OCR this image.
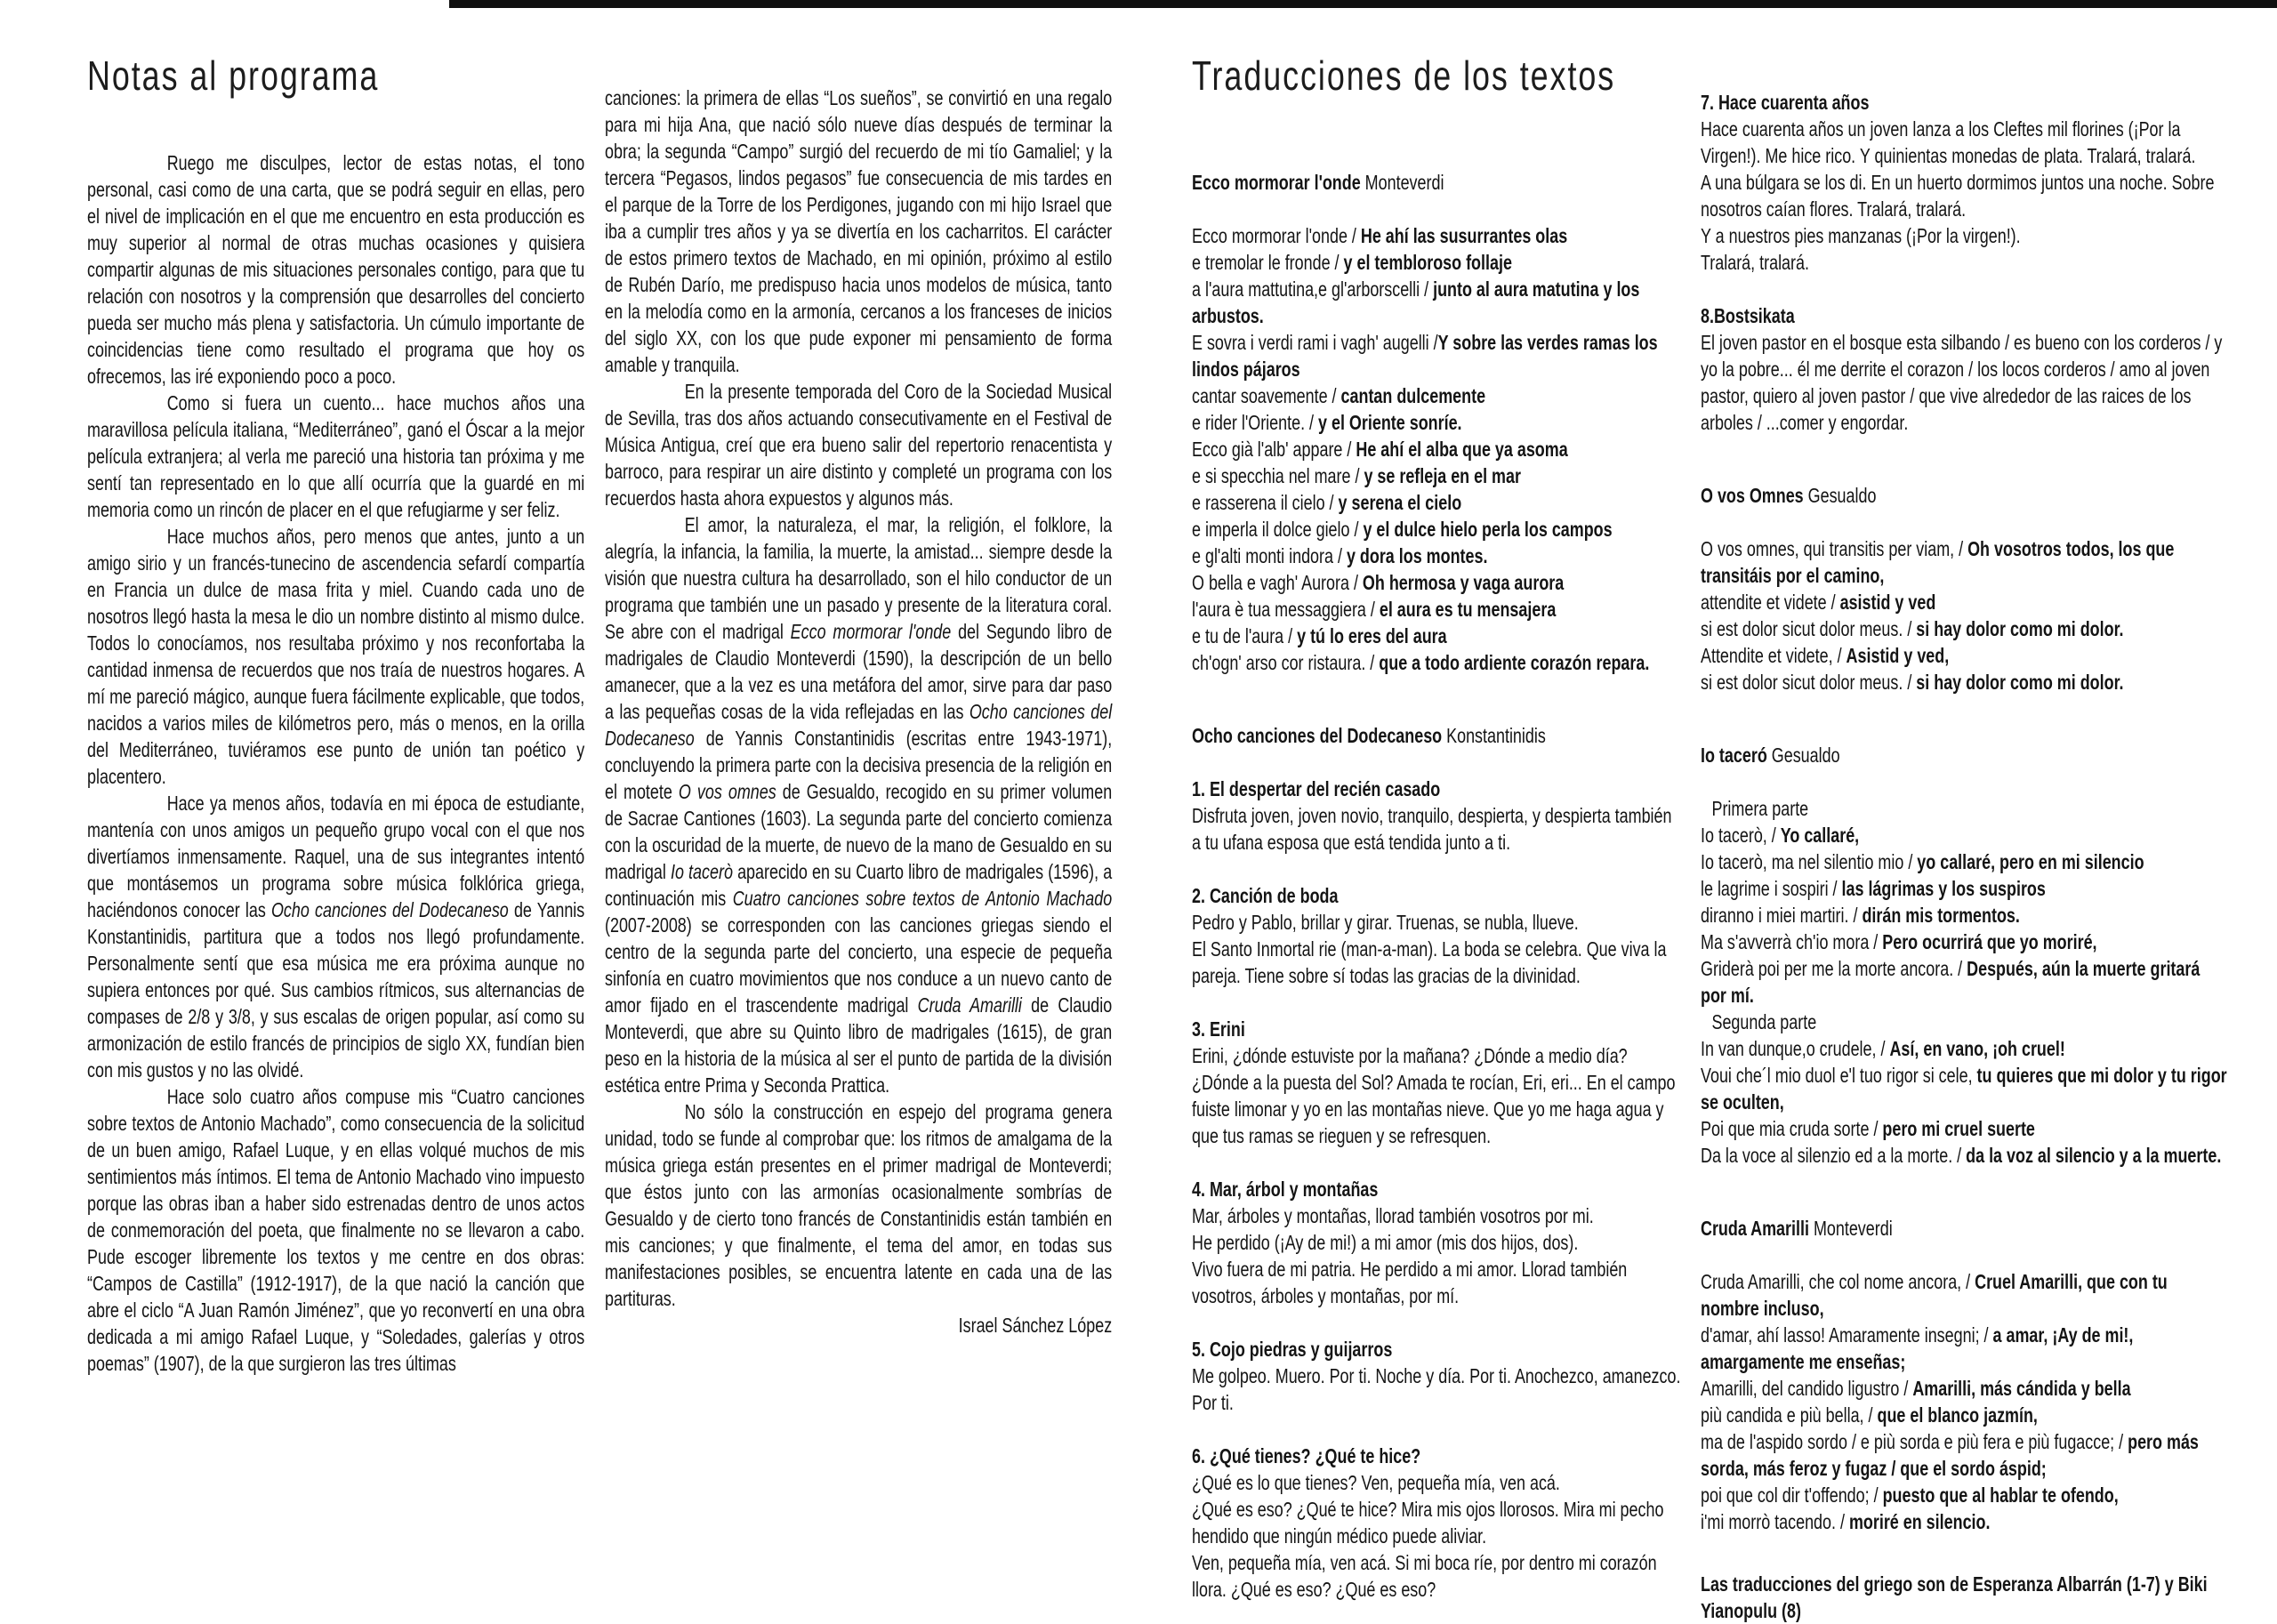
Notas al programa
Ruego me disculpes, lector de estas notas, el tono personal, casi como de una carta, que se podrá seguir en ellas, pero el nivel de implicación en el que me encuentro en esta producción es muy superior al normal de otras muchas ocasiones y quisiera compartir algunas de mis situaciones personales contigo, para que tu relación con nosotros y la comprensión que desarrolles del concierto pueda ser mucho más plena y satisfactoria. Un cúmulo importante de coincidencias tiene como resultado el programa que hoy os ofrecemos, las iré exponiendo poco a poco.
Como si fuera un cuento... hace muchos años una maravillosa película italiana, “Mediterráneo”, ganó el Óscar a la mejor película extranjera; al verla me pareció una historia tan próxima y me sentí tan representado en lo que allí ocurría que la guardé en mi memoria como un rincón de placer en el que refugiarme y ser feliz.
Hace muchos años, pero menos que antes, junto a un amigo sirio y un francés-tunecino de ascendencia sefardí compartía en Francia un dulce de masa frita y miel. Cuando cada uno de nosotros llegó hasta la mesa le dio un nombre distinto al mismo dulce. Todos lo conocíamos, nos resultaba próximo y nos reconfortaba la cantidad inmensa de recuerdos que nos traía de nuestros hogares. A mí me pareció mágico, aunque fuera fácilmente explicable, que todos, nacidos a varios miles de kilómetros pero, más o menos, en la orilla del Mediterráneo, tuviéramos ese punto de unión tan poético y placentero.
Hace ya menos años, todavía en mi época de estudiante, mantenía con unos amigos un pequeño grupo vocal con el que nos divertíamos inmensamente. Raquel, una de sus integrantes intentó que montásemos un programa sobre música folklórica griega, haciéndonos conocer las Ocho canciones del Dodecaneso de Yannis Konstantinidis, partitura que a todos nos llegó profundamente. Personalmente sentí que esa música me era próxima aunque no supiera entonces por qué. Sus cambios rítmicos, sus alternancias de compases de 2/8 y 3/8, y sus escalas de origen popular, así como su armonización de estilo francés de principios de siglo XX, fundían bien con mis gustos y no las olvidé.
Hace solo cuatro años compuse mis “Cuatro canciones sobre textos de Antonio Machado”, como consecuencia de la solicitud de un buen amigo, Rafael Luque, y en ellas volqué muchos de mis sentimientos más íntimos. El tema de Antonio Machado vino impuesto porque las obras iban a haber sido estrenadas dentro de unos actos de conmemoración del poeta, que finalmente no se llevaron a cabo. Pude escoger libremente los textos y me centre en dos obras: “Campos de Castilla” (1912-1917), de la que nació la canción que abre el ciclo “A Juan Ramón Jiménez”, que yo reconvertí en una obra dedicada a mi amigo Rafael Luque, y “Soledades, galerías y otros poemas” (1907), de la que surgieron las tres últimas
canciones: la primera de ellas “Los sueños”, se convirtió en una regalo para mi hija Ana, que nació sólo nueve días después de terminar la obra; la segunda “Campo” surgió del recuerdo de mi tío Gamaliel; y la tercera “Pegasos, lindos pegasos” fue consecuencia de mis tardes en el parque de la Torre de los Perdigones, jugando con mi hijo Israel que iba a cumplir tres años y ya se divertía en los cacharritos. El carácter de estos primero textos de Machado, en mi opinión, próximo al estilo de Rubén Darío, me predispuso hacia unos modelos de música, tanto en la melodía como en la armonía, cercanos a los franceses de inicios del siglo XX, con los que pude exponer mi pensamiento de forma amable y tranquila.
En la presente temporada del Coro de la Sociedad Musical de Sevilla, tras dos años actuando consecutivamente en el Festival de Música Antigua, creí que era bueno salir del repertorio renacentista y barroco, para respirar un aire distinto y completé un programa con los recuerdos hasta ahora expuestos y algunos más.
El amor, la naturaleza, el mar, la religión, el folklore, la alegría, la infancia, la familia, la muerte, la amistad... siempre desde la visión que nuestra cultura ha desarrollado, son el hilo conductor de un programa que también une un pasado y presente de la literatura coral. Se abre con el madrigal Ecco mormorar l'onde del Segundo libro de madrigales de Claudio Monteverdi (1590), la descripción de un bello amanecer, que a la vez es una metáfora del amor, sirve para dar paso a las pequeñas cosas de la vida reflejadas en las Ocho canciones del Dodecaneso de Yannis Constantinidis (escritas entre 1943-1971), concluyendo la primera parte con la decisiva presencia de la religión en el motete O vos omnes de Gesualdo, recogido en su primer volumen de Sacrae Cantiones (1603). La segunda parte del concierto comienza con la oscuridad de la muerte, de nuevo de la mano de Gesualdo en su madrigal Io tacerò aparecido en su Cuarto libro de madrigales (1596), a continuación mis Cuatro canciones sobre textos de Antonio Machado (2007-2008) se corresponden con las canciones griegas siendo el centro de la segunda parte del concierto, una especie de pequeña sinfonía en cuatro movimientos que nos conduce a un nuevo canto de amor fijado en el trascendente madrigal Cruda Amarilli de Claudio Monteverdi, que abre su Quinto libro de madrigales (1615), de gran peso en la historia de la música al ser el punto de partida de la división estética entre Prima y Seconda Prattica.
No sólo la construcción en espejo del programa genera unidad, todo se funde al comprobar que: los ritmos de amalgama de la música griega están presentes en el primer madrigal de Monteverdi; que éstos junto con las armonías ocasionalmente sombrías de Gesualdo y de cierto tono francés de Constantinidis están también en mis canciones; y que finalmente, el tema del amor, en todas sus manifestaciones posibles, se encuentra latente en cada una de las partituras.
Israel Sánchez López
Traducciones de los textos
Ecco mormorar l'onde Monteverdi
Ecco mormorar l'onde / He ahí las susurrantes olas
e tremolar le fronde / y el tembloroso follaje
a l'aura mattutina,e gl'arborscelli / junto al aura matutina y los arbustos.
E sovra i verdi rami i vagh' augelli /Y sobre las verdes ramas los lindos pájaros
cantar soavemente / cantan dulcemente
e rider l'Oriente. / y el Oriente sonríe.
Ecco già l'alb' appare / He ahí el alba que ya asoma
e si specchia nel mare / y se refleja en el mar
e rasserena il cielo / y serena el cielo
e imperla il dolce gielo / y el dulce hielo perla los campos
e gl'alti monti indora / y dora los montes.
O bella e vagh' Aurora / Oh hermosa y vaga aurora
l'aura è tua messaggiera / el aura es tu mensajera
e tu de l'aura / y tú lo eres del aura
ch'ogn' arso cor ristaura. / que a todo ardiente corazón repara.
Ocho canciones del Dodecaneso Konstantinidis
1. El despertar del recién casado
Disfruta joven, joven novio, tranquilo, despierta, y despierta también a tu ufana esposa que está tendida junto a ti.
2. Canción de boda
Pedro y Pablo, brillar y girar. Truenas, se nubla, llueve.
El Santo Inmortal rie (man-a-man). La boda se celebra. Que viva la pareja. Tiene sobre sí todas las gracias de la divinidad.
3. Erini
Erini, ¿dónde estuviste por la mañana? ¿Dónde a medio día? ¿Dónde a la puesta del Sol? Amada te rocían, Eri, eri... En el campo fuiste limonar y yo en las montañas nieve. Que yo me haga agua y que tus ramas se rieguen y se refresquen.
4. Mar, árbol y montañas
Mar, árboles y montañas, llorad también vosotros por mi.
He perdido (¡Ay de mi!) a mi amor (mis dos hijos, dos).
Vivo fuera de mi patria. He perdido a mi amor. Llorad también vosotros, árboles y montañas, por mí.
5. Cojo piedras y guijarros
Me golpeo. Muero. Por ti. Noche y día. Por ti. Anochezco, amanezco. Por ti.
6. ¿Qué tienes? ¿Qué te hice?
¿Qué es lo que tienes? Ven, pequeña mía, ven acá.
¿Qué es eso? ¿Qué te hice? Mira mis ojos llorosos. Mira mi pecho hendido que ningún médico puede aliviar.
Ven, pequeña mía, ven acá. Si mi boca ríe, por dentro mi corazón llora. ¿Qué es eso? ¿Qué es eso?
7. Hace cuarenta años
Hace cuarenta años un joven lanza a los Cleftes mil florines (¡Por la Virgen!). Me hice rico. Y quinientas monedas de plata. Tralará, tralará.
A una búlgara se los di. En un huerto dormimos juntos una noche. Sobre nosotros caían flores. Tralará, tralará.
Y a nuestros pies manzanas (¡Por la virgen!).
Tralará, tralará.
8.Bostsikata
El joven pastor en el bosque esta silbando / es bueno con los corderos / y yo la pobre... él me derrite el corazon / los locos corderos / amo al joven pastor, quiero al joven pastor / que vive alrededor de las raices de los arboles / ...comer y engordar.
O vos Omnes Gesualdo
O vos omnes, qui transitis per viam, / Oh vosotros todos, los que transitáis por el camino,
attendite et videte / asistid y ved
si est dolor sicut dolor meus. / si hay dolor como mi dolor.
Attendite et videte, / Asistid y ved,
si est dolor sicut dolor meus. / si hay dolor como mi dolor.
Io taceró Gesualdo
Primera parte
Io tacerò, / Yo callaré,
Io tacerò, ma nel silentio mio / yo callaré, pero en mi silencio
le lagrime i sospiri / las lágrimas y los suspiros
diranno i miei martiri. / dirán mis tormentos.
Ma s'avverrà ch'io mora / Pero ocurrirá que yo moriré,
Griderà poi per me la morte ancora. / Después, aún la muerte gritará por mí.
Segunda parte
In van dunque,o crudele, / Así, en vano, ¡oh cruel!
Voui che´l mio duol e'l tuo rigor si cele, tu quieres que mi dolor y tu rigor se oculten,
Poi que mia cruda sorte / pero mi cruel suerte
Da la voce al silenzio ed a la morte. / da la voz al silencio y a la muerte.
Cruda Amarilli Monteverdi
Cruda Amarilli, che col nome ancora, / Cruel Amarilli, que con tu nombre incluso,
d'amar, ahí lasso! Amaramente insegni; / a amar, ¡Ay de mi!, amargamente me enseñas;
Amarilli, del candido ligustro / Amarilli, más cándida y bella
più candida e più bella, / que el blanco jazmín,
ma de l'aspido sordo / e più sorda e più fera e più fugacce; / pero más sorda, más feroz y fugaz / que el sordo áspid;
poi que col dir t'offendo; / puesto que al hablar te ofendo,
i'mi morrò tacendo. / moriré en silencio.
Las traducciones del griego son de Esperanza Albarrán (1-7) y Biki Yianopulu (8)
